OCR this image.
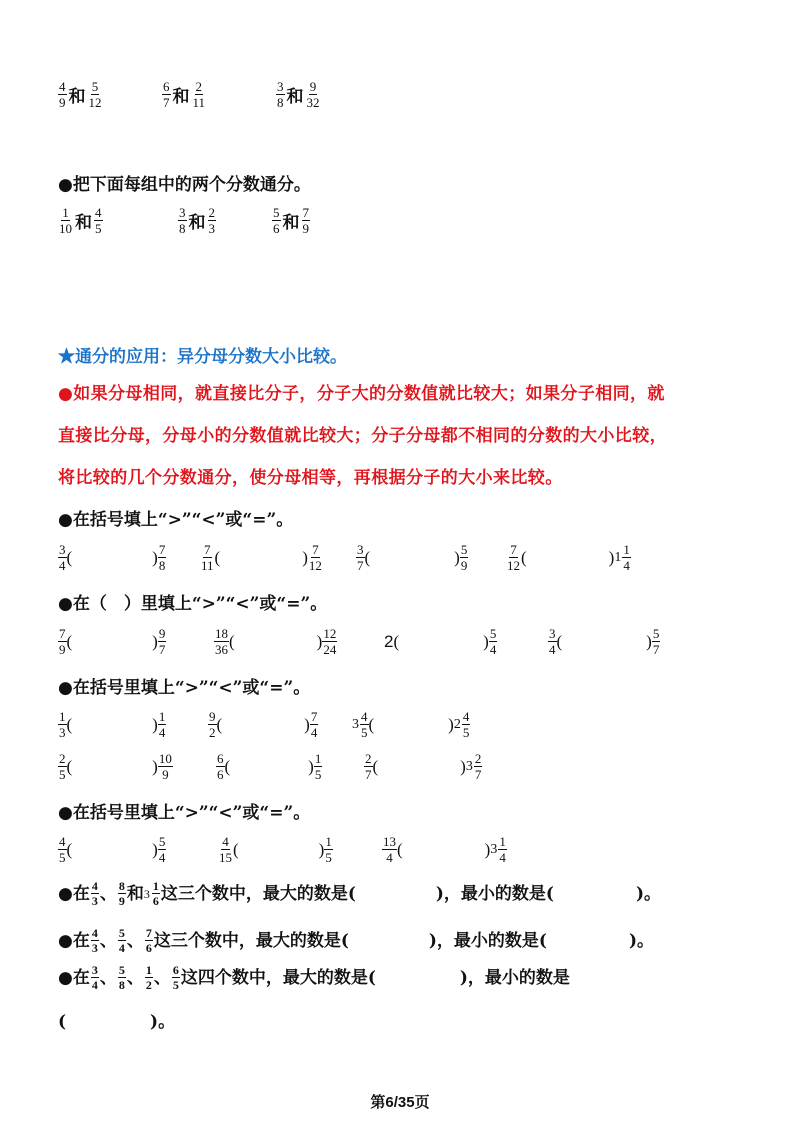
$\frac{4}{9}$ 和 $\frac{5}{12}$	$\frac{6}{7}$ 和 $\frac{2}{11}$	$\frac{3}{8}$ 和 $\frac{9}{32}$
●把下面每组中的两个分数通分。
$\frac{1}{10}$ 和 $\frac{4}{5}$	$\frac{3}{8}$ 和 $\frac{2}{3}$	$\frac{5}{6}$ 和 $\frac{7}{9}$
★通分的应用：异分母分数大小比较。
●如果分母相同，就直接比分子，分子大的分数值就比较大；如果分子相同，就
直接比分母，分母小的分数值就比较大；分子分母都不相同的分数的大小比较，
将比较的几个分数通分，使分母相等，再根据分子的大小来比较。
●在括号填上“>”“<”或“=”。
$\frac{3}{4}$ (	) $\frac{7}{8}$	$\frac{7}{11}$ (	) $\frac{7}{12}$	$\frac{3}{7}$ (	) $\frac{5}{9}$	$\frac{7}{12}$ (	) $1 \frac{1}{4}$
●在（　）里填上“>”“<”或“=”。
$\frac{7}{9}$ (	) $\frac{9}{7}$	$\frac{18}{36}$ (	) $\frac{12}{24}$	2 (	) $\frac{5}{4}$	$\frac{3}{4}$ (	) $\frac{5}{7}$
●在括号里填上“>”“<”或“=”。
$\frac{1}{3}$ (	) $\frac{1}{4}$	$\frac{9}{2}$ (	) $\frac{7}{4} 3 \frac{4}{5}$ (	) $2 \frac{4}{5}$
$\frac{2}{5}$ (	) $\frac{10}{9}$	$\frac{6}{6}$ (	) $\frac{1}{5}$	$\frac{2}{7}$ (	) $3 \frac{2}{7}$
●在括号里填上“>”“<”或“=”。
$\frac{4}{5}$ (	) $\frac{5}{4}$	$\frac{4}{15}$ (	) $\frac{1}{5}$	$\frac{13}{4}$ (	) $3 \frac{1}{4}$
●在 $\frac{4}{3}$ 、 $\frac{8}{9}$ 和 $3 \frac{1}{6}$ 这三个数中，最大的数是(	)，最小的数是(	)。
●在 $\frac{4}{3}$ 、 $\frac{5}{4}$ 、 $\frac{7}{6}$ 这三个数中，最大的数是(	)，最小的数是(	)。
●在 $\frac{3}{4}$ 、 $\frac{5}{8}$ 、 $\frac{1}{2}$ 、 $\frac{6}{5}$ 这四个数中，最大的数是(	)，最小的数是
(	)。
第6/35页
